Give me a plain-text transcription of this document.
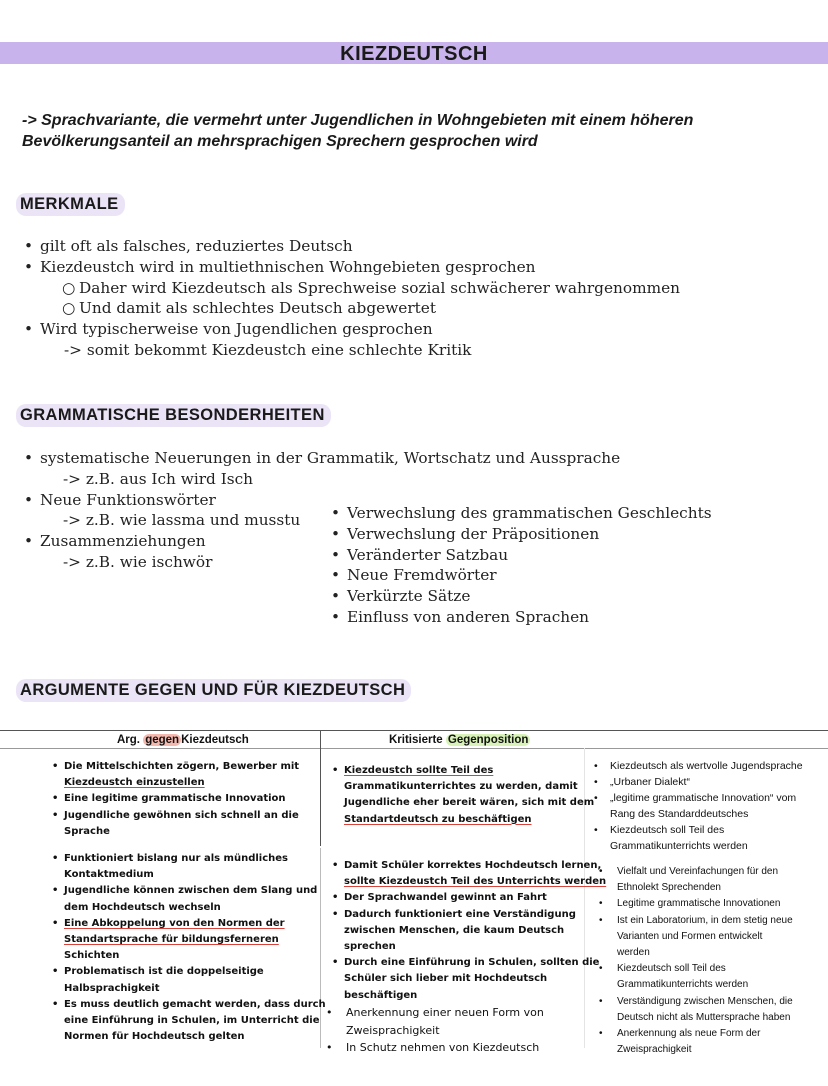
KIEZDEUTSCH
-> Sprachvariante, die vermehrt unter Jugendlichen in Wohngebieten mit einem höheren
Bevölkerungsanteil an mehrsprachigen Sprechern gesprochen wird
MERKMALE
• gilt oft als falsches, reduziertes Deutsch
• Kiezdeustch wird in multiethnischen Wohngebieten gesprochen
○ Daher wird Kiezdeutsch als Sprechweise sozial schwächerer wahrgenommen
○ Und damit als schlechtes Deutsch abgewertet
• Wird typischerweise von Jugendlichen gesprochen
-> somit bekommt Kiezdeustch eine schlechte Kritik
GRAMMATISCHE BESONDERHEITEN
• systematische Neuerungen in der Grammatik, Wortschatz und Aussprache
-> z.B. aus Ich wird Isch
• Neue Funktionswörter
-> z.B. wie lassma und musstu
• Zusammenziehungen
-> z.B. wie ischwör
• Verwechslung des grammatischen Geschlechts
• Verwechslung der Präpositionen
• Veränderter Satzbau
• Neue Fremdwörter
• Verkürzte Sätze
• Einfluss von anderen Sprachen
ARGUMENTE GEGEN UND FÜR KIEZDEUTSCH
Arg. gegen Kiezdeutsch	Kritisierte Gegenposition
• Die Mittelschichten zögern, Bewerber mit
Kiezdeustch einzustellen
• Eine legitime grammatische Innovation
• Jugendliche gewöhnen sich schnell an die
Sprache
• Funktioniert bislang nur als mündliches
Kontaktmedium
• Jugendliche können zwischen dem Slang und
dem Hochdeutsch wechseln
• Eine Abkoppelung von den Normen der
Standartsprache für bildungsferneren
Schichten
• Problematisch ist die doppelseitige
Halbsprachigkeit
• Es muss deutlich gemacht werden, dass durch
eine Einführung in Schulen, im Unterricht die
Normen für Hochdeutsch gelten
• Kiezdeustch sollte Teil des
Grammatikunterrichtes zu werden, damit
Jugendliche eher bereit wären, sich mit dem
Standartdeutsch zu beschäftigen
• Damit Schüler korrektes Hochdeutsch lernen,
sollte Kiezdeustch Teil des Unterrichts werden
• Der Sprachwandel gewinnt an Fahrt
• Dadurch funktioniert eine Verständigung
zwischen Menschen, die kaum Deutsch
sprechen
• Durch eine Einführung in Schulen, sollten die
Schüler sich lieber mit Hochdeutsch
beschäftigen
• Anerkennung einer neuen Form von
Zweisprachigkeit
• In Schutz nehmen von Kiezdeutsch
• Kiezdeutsch als wertvolle Jugendsprache
• „Urbaner Dialekt“
• „legitime grammatische Innovation“ vom
Rang des Standarddeutsches
• Kiezdeutsch soll Teil des
Grammatikunterrichts werden
• Vielfalt und Vereinfachungen für den
Ethnolekt Sprechenden
• Legitime grammatische Innovationen
• Ist ein Laboratorium, in dem stetig neue
Varianten und Formen entwickelt
werden
• Kiezdeutsch soll Teil des
Grammatikunterrichts werden
• Verständigung zwischen Menschen, die
Deutsch nicht als Muttersprache haben
• Anerkennung als neue Form der
Zweisprachigkeit
